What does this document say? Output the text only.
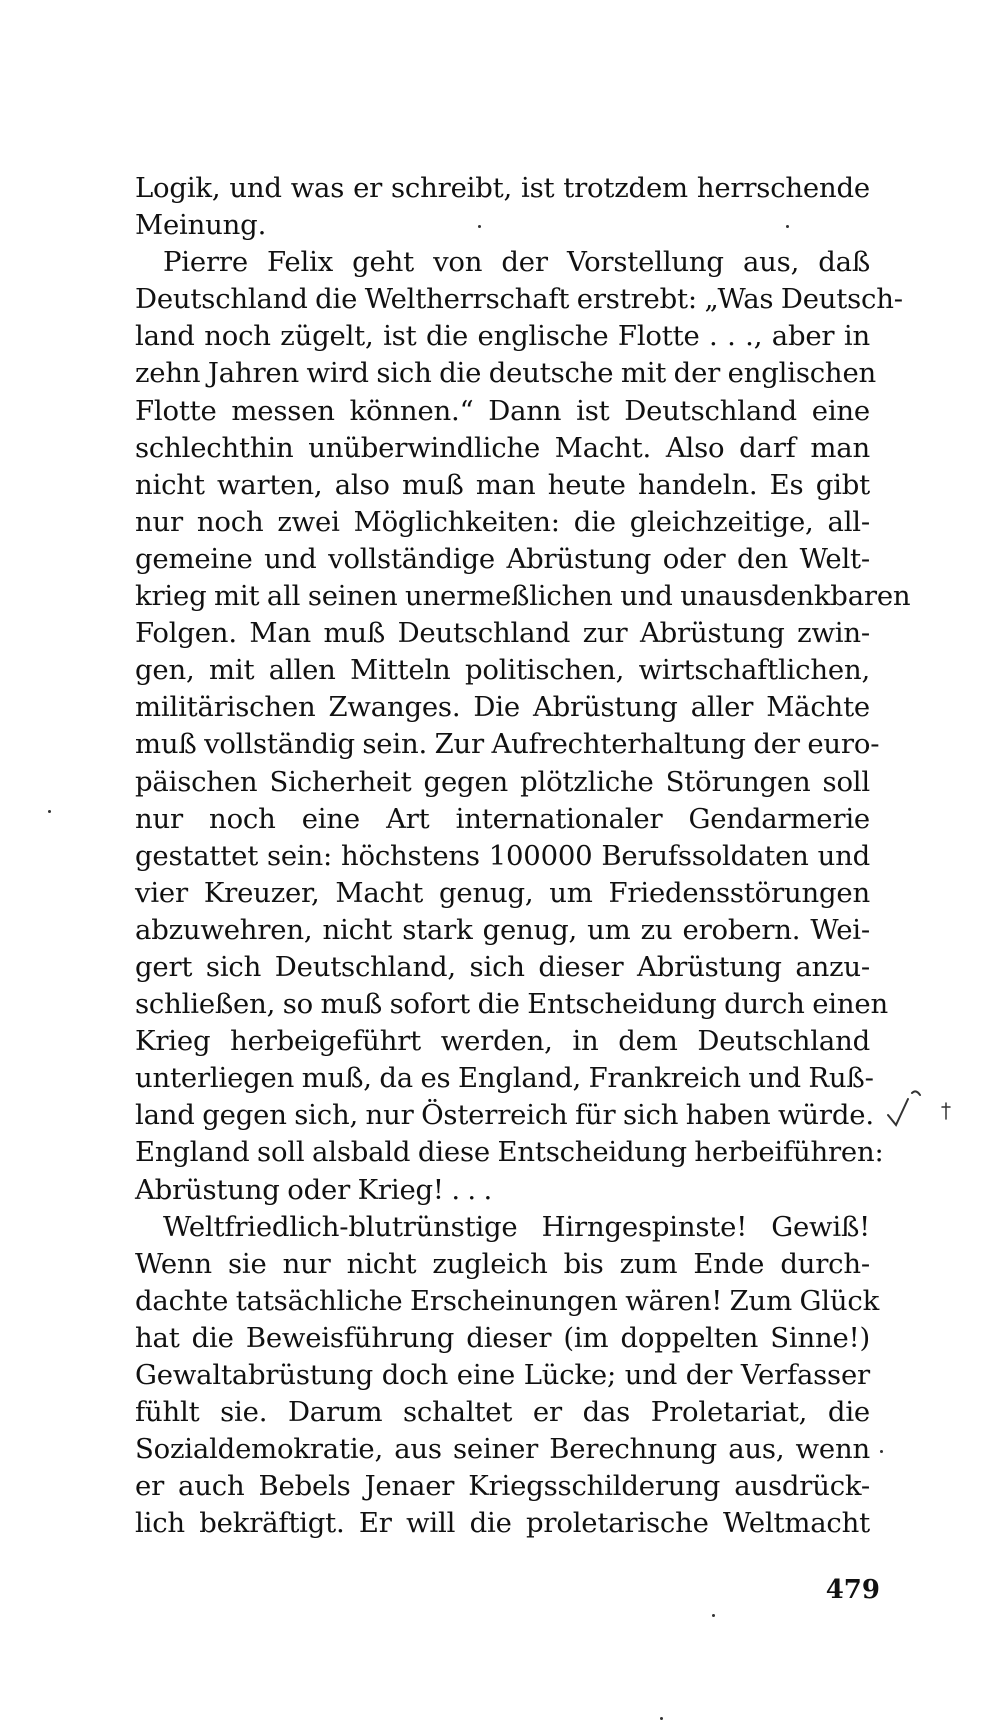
Logik, und was er schreibt, ist trotzdem herrschende
Meinung.
Pierre Felix geht von der Vorstellung aus, daß
Deutschland die Weltherrschaft erstrebt: „Was Deutsch-
land noch zügelt, ist die englische Flotte . . ., aber in
zehn Jahren wird sich die deutsche mit der englischen
Flotte messen können.“ Dann ist Deutschland eine
schlechthin unüberwindliche Macht. Also darf man
nicht warten, also muß man heute handeln. Es gibt
nur noch zwei Möglichkeiten: die gleichzeitige, all-
gemeine und vollständige Abrüstung oder den Welt-
krieg mit all seinen unermeßlichen und unausdenkbaren
Folgen. Man muß Deutschland zur Abrüstung zwin-
gen, mit allen Mitteln politischen, wirtschaftlichen,
militärischen Zwanges. Die Abrüstung aller Mächte
muß vollständig sein. Zur Aufrechterhaltung der euro-
päischen Sicherheit gegen plötzliche Störungen soll
nur noch eine Art internationaler Gendarmerie
gestattet sein: höchstens 100000 Berufssoldaten und
vier Kreuzer, Macht genug, um Friedensstörungen
abzuwehren, nicht stark genug, um zu erobern. Wei-
gert sich Deutschland, sich dieser Abrüstung anzu-
schließen, so muß sofort die Entscheidung durch einen
Krieg herbeigeführt werden, in dem Deutschland
unterliegen muß, da es England, Frankreich und Ruß-
land gegen sich, nur Österreich für sich haben würde.
England soll alsbald diese Entscheidung herbeiführen:
Abrüstung oder Krieg! . . .
Weltfriedlich-blutrünstige Hirngespinste! Gewiß!
Wenn sie nur nicht zugleich bis zum Ende durch-
dachte tatsächliche Erscheinungen wären! Zum Glück
hat die Beweisführung dieser (im doppelten Sinne!)
Gewaltabrüstung doch eine Lücke; und der Verfasser
fühlt sie. Darum schaltet er das Proletariat, die
Sozialdemokratie, aus seiner Berechnung aus, wenn
er auch Bebels Jenaer Kriegsschilderung ausdrück-
lich bekräftigt. Er will die proletarische Weltmacht
479
